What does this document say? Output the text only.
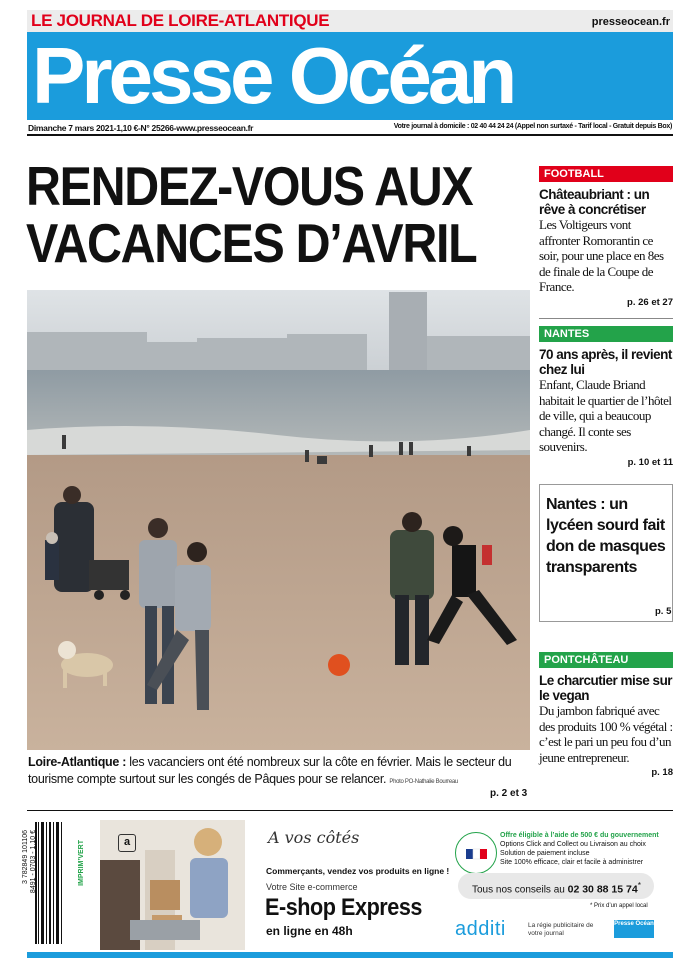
LE JOURNAL DE LOIRE-ATLANTIQUE	presseocean.fr
Presse Océan
Dimanche 7 mars 2021-1,10 €-N° 25266-www.presseocean.fr	Votre journal à domicile : 02 40 44 24 24 (Appel non surtaxé - Tarif local - Gratuit depuis Box)
RENDEZ-VOUS AUX
VACANCES D’AVRIL
Loire-Atlantique : les vacanciers ont été nombreux sur la côte en février. Mais le secteur du tourisme compte surtout sur les congés de Pâques pour se relancer. Photo PO-Nathalie Bourreau
p. 2 et 3
FOOTBALL
Châteaubriant : un rêve à concrétiser
Les Voltigeurs vont affronter Romorantin ce soir, pour une place en 8es de finale de la Coupe de France.
p. 26 et 27
NANTES
70 ans après, il revient chez lui
Enfant, Claude Briand habitait le quartier de l’hôtel de ville, qui a beaucoup changé. Il conte ses souvenirs.
p. 10 et 11
Nantes : un lycéen sourd fait don de masques transparents
p. 5
PONTCHÂTEAU
Le charcutier mise sur le vegan
Du jambon fabriqué avec des produits 100 % végétal : c’est le pari un peu fou d’un jeune entrepreneur.
p. 18
3 782849 101106 8491 - 0703 - 1,10 €	IMPRIM’VERT	a	A vos côtés
Commerçants, vendez vos produits en ligne !
Votre Site e-commerce
E-shop Express
en ligne en 48h
Offre éligible à l’aide de 500 € du gouvernement
Options Click and Collect ou Livraison au choix
Solution de paiement incluse
Site 100% efficace, clair et facile à administrer
Tous nos conseils au 02 30 88 15 74*
* Prix d’un appel local
additi	La régie publicitaire de votre journal
Presse Océan
